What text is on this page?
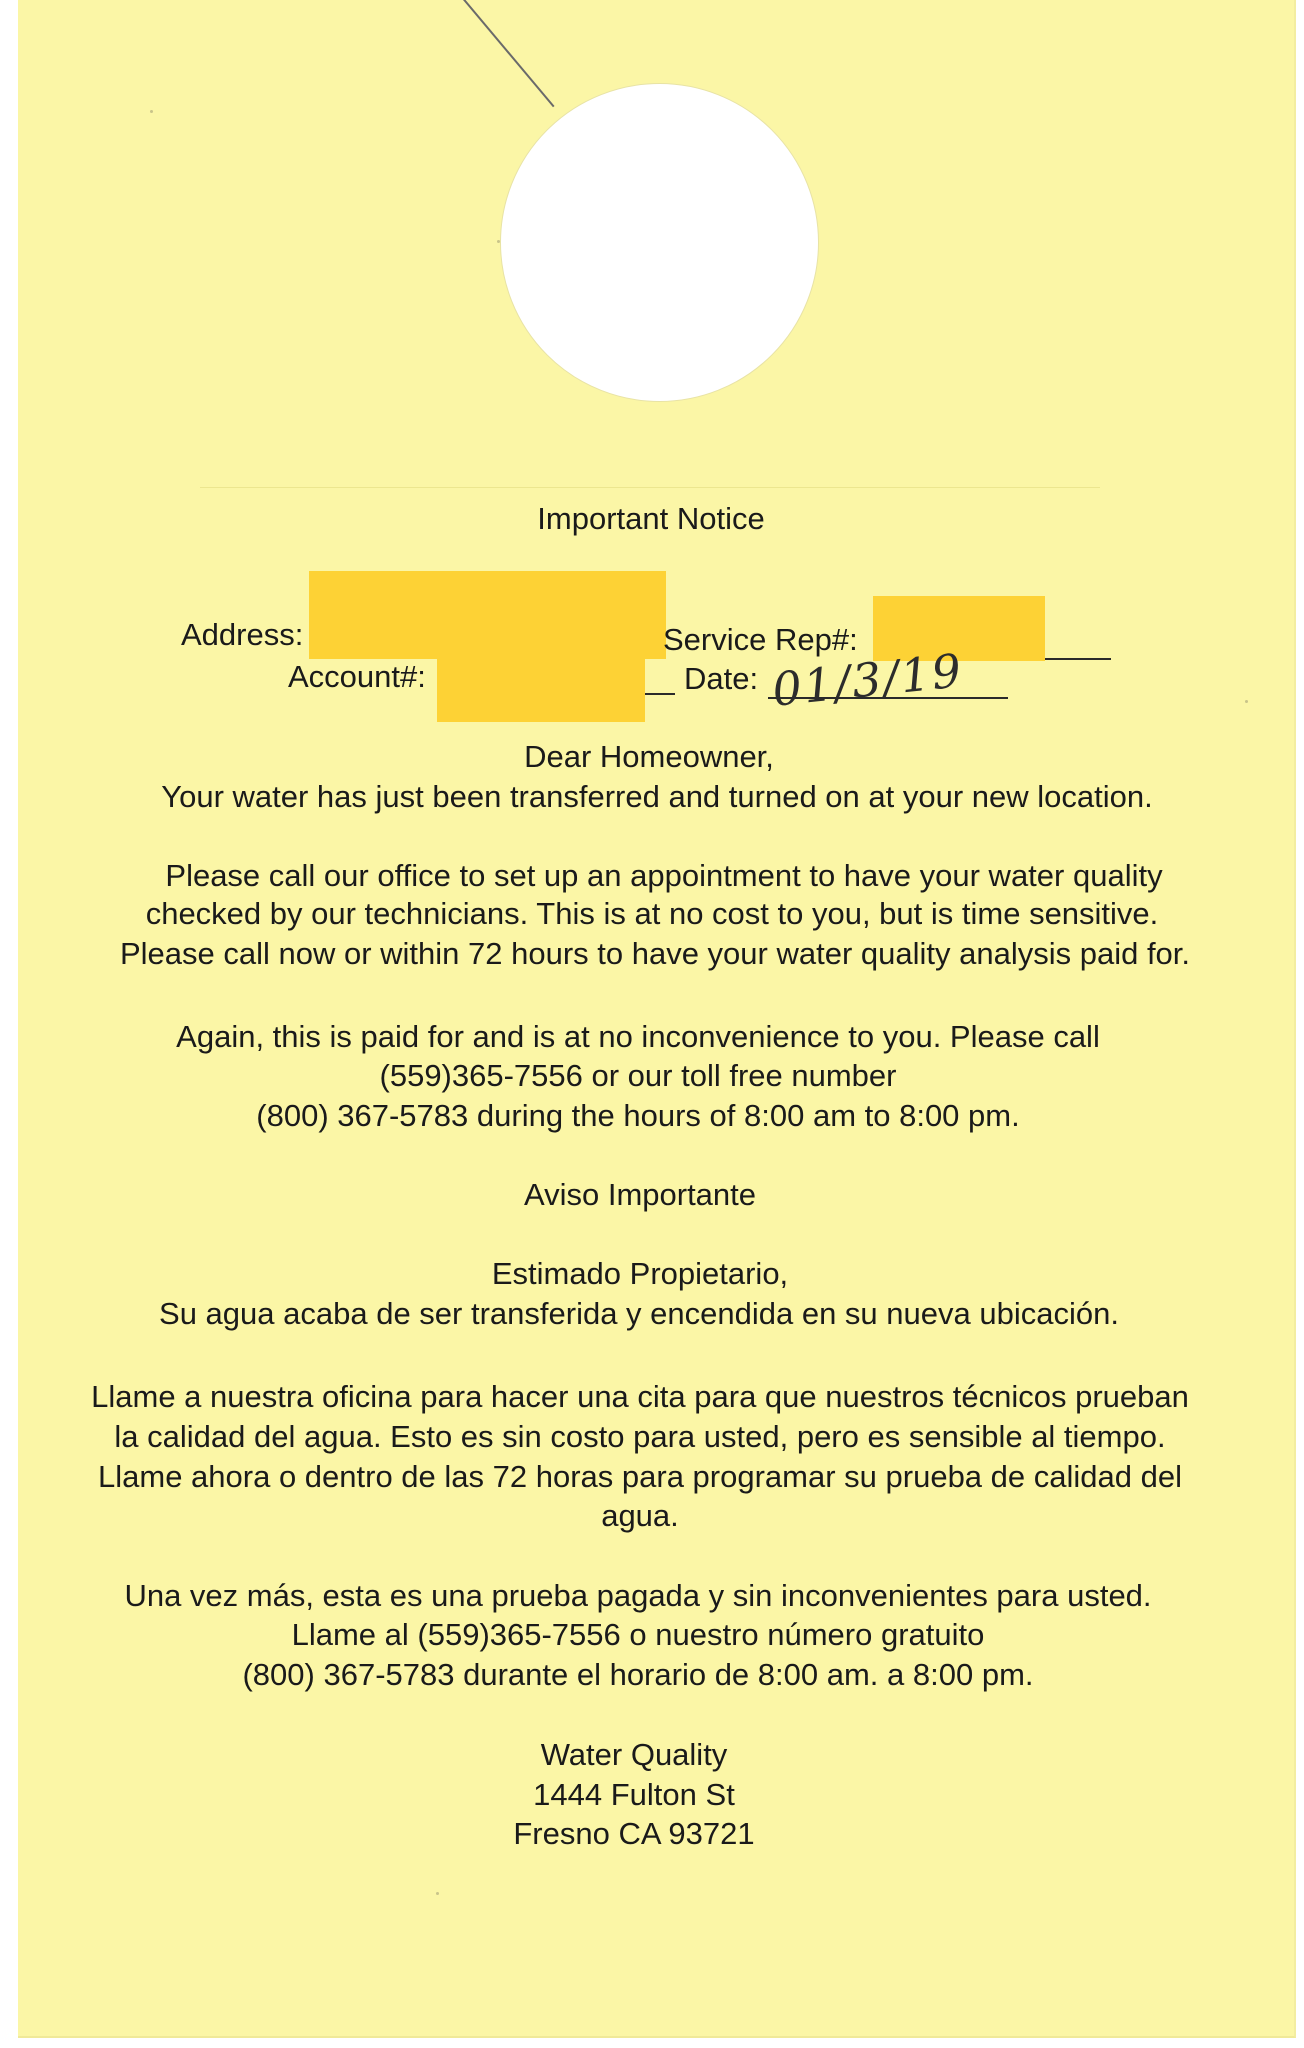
Important Notice
Address:	Service Rep#:
Account#:	Date: 01/3/19
Dear Homeowner,
Your water has just been transferred and turned on at your new location.
Please call our office to set up an appointment to have your water quality
checked by our technicians. This is at no cost to you, but is time sensitive.
Please call now or within 72 hours to have your water quality analysis paid for.
Again, this is paid for and is at no inconvenience to you. Please call
(559)365-7556 or our toll free number
(800) 367-5783 during the hours of 8:00 am to 8:00 pm.
Aviso Importante
Estimado Propietario,
Su agua acaba de ser transferida y encendida en su nueva ubicación.
Llame a nuestra oficina para hacer una cita para que nuestros técnicos prueban
la calidad del agua. Esto es sin costo para usted, pero es sensible al tiempo.
Llame ahora o dentro de las 72 horas para programar su prueba de calidad del
agua.
Una vez más, esta es una prueba pagada y sin inconvenientes para usted.
Llame al (559)365-7556 o nuestro número gratuito
(800) 367-5783 durante el horario de 8:00 am. a 8:00 pm.
Water Quality
1444 Fulton St
Fresno CA 93721
